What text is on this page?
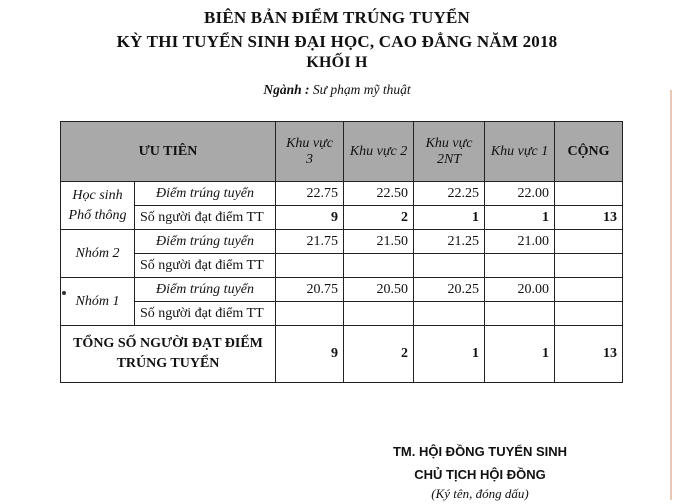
BIÊN BẢN ĐIỂM TRÚNG TUYỂN
KỲ THI TUYỂN SINH ĐẠI HỌC, CAO ĐẲNG NĂM 2018
KHỐI H
Ngành : Sư phạm mỹ thuật
ƯU TIÊN		Khu vực 3	Khu vực 2	Khu vực 2NT	Khu vực 1	CỘNG
Học sinh Phổ thông	Điểm trúng tuyển	22.75	22.50	22.25	22.00	
	Số người đạt điểm TT	9	2	1	1	13
Nhóm 2	Điểm trúng tuyển	21.75	21.50	21.25	21.00	
	Số người đạt điểm TT					
Nhóm 1	Điểm trúng tuyển	20.75	20.50	20.25	20.00	
	Số người đạt điểm TT					
TỔNG SỐ NGƯỜI ĐẠT ĐIỂM TRÚNG TUYỂN		9	2	1	1	13
TM. HỘI ĐỒNG TUYỂN SINH
CHỦ TỊCH HỘI ĐỒNG
(Ký tên, đóng dấu)
